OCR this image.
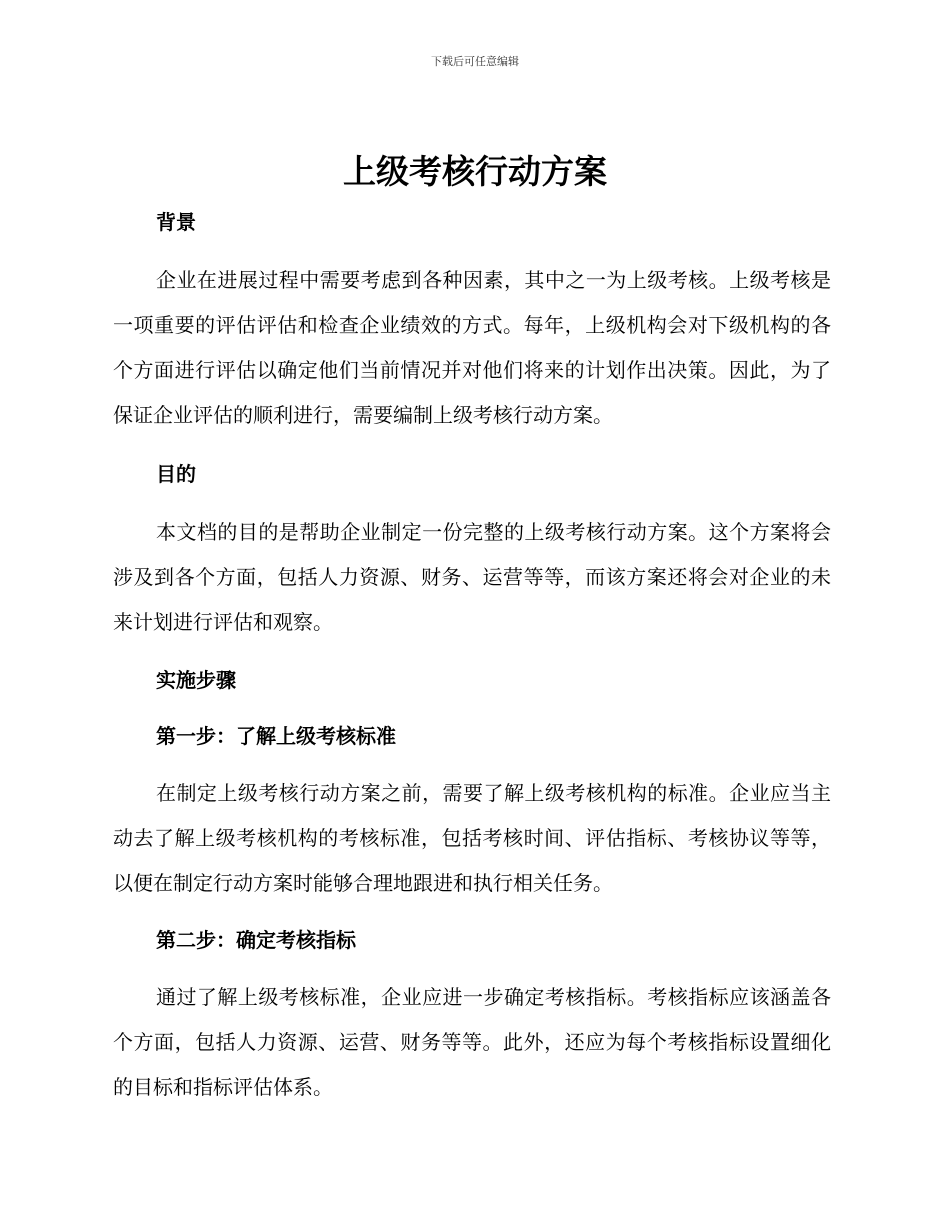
下载后可任意编辑
上级考核行动方案

背景

企业在进展过程中需要考虑到各种因素，其中之一为上级考核。上级考核是一项重要的评估评估和检查企业绩效的方式。每年，上级机构会对下级机构的各个方面进行评估以确定他们当前情况并对他们将来的计划作出决策。因此，为了保证企业评估的顺利进行，需要编制上级考核行动方案。

目的

本文档的目的是帮助企业制定一份完整的上级考核行动方案。这个方案将会涉及到各个方面，包括人力资源、财务、运营等等，而该方案还将会对企业的未来计划进行评估和观察。

实施步骤

第一步：了解上级考核标准

在制定上级考核行动方案之前，需要了解上级考核机构的标准。企业应当主动去了解上级考核机构的考核标准，包括考核时间、评估指标、考核协议等等，以便在制定行动方案时能够合理地跟进和执行相关任务。

第二步：确定考核指标

通过了解上级考核标准，企业应进一步确定考核指标。考核指标应该涵盖各个方面，包括人力资源、运营、财务等等。此外，还应为每个考核指标设置细化的目标和指标评估体系。
